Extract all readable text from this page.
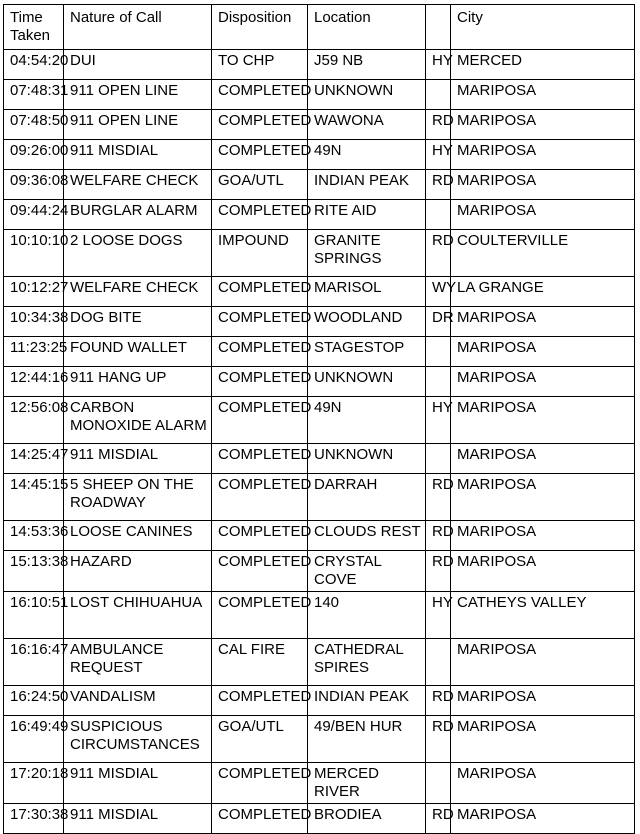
Time Taken	Nature of Call	Disposition	Location		City
04:54:20	DUI	TO CHP	J59 NB	HY	MERCED
07:48:31	911 OPEN LINE	COMPLETED	UNKNOWN		MARIPOSA
07:48:50	911 OPEN LINE	COMPLETED	WAWONA	RD	MARIPOSA
09:26:00	911 MISDIAL	COMPLETED	49N	HY	MARIPOSA
09:36:08	WELFARE CHECK	GOA/UTL	INDIAN PEAK	RD	MARIPOSA
09:44:24	BURGLAR ALARM	COMPLETED	RITE AID		MARIPOSA
10:10:10	2 LOOSE DOGS	IMPOUND	GRANITE SPRINGS	RD	COULTERVILLE
10:12:27	WELFARE CHECK	COMPLETED	MARISOL	WY	LA GRANGE
10:34:38	DOG BITE	COMPLETED	WOODLAND	DR	MARIPOSA
11:23:25	FOUND WALLET	COMPLETED	STAGESTOP		MARIPOSA
12:44:16	911 HANG UP	COMPLETED	UNKNOWN		MARIPOSA
12:56:08	CARBON MONOXIDE ALARM	COMPLETED	49N	HY	MARIPOSA
14:25:47	911 MISDIAL	COMPLETED	UNKNOWN		MARIPOSA
14:45:15	5 SHEEP ON THE ROADWAY	COMPLETED	DARRAH	RD	MARIPOSA
14:53:36	LOOSE CANINES	COMPLETED	CLOUDS REST	RD	MARIPOSA
15:13:38	HAZARD	COMPLETED	CRYSTAL COVE	RD	MARIPOSA
16:10:51	LOST CHIHUAHUA	COMPLETED	140	HY	CATHEYS VALLEY
16:16:47	AMBULANCE REQUEST	CAL FIRE	CATHEDRAL SPIRES		MARIPOSA
16:24:50	VANDALISM	COMPLETED	INDIAN PEAK	RD	MARIPOSA
16:49:49	SUSPICIOUS CIRCUMSTANCES	GOA/UTL	49/BEN HUR	RD	MARIPOSA
17:20:18	911 MISDIAL	COMPLETED	MERCED RIVER		MARIPOSA
17:30:38	911 MISDIAL	COMPLETED	BRODIEA	RD	MARIPOSA
